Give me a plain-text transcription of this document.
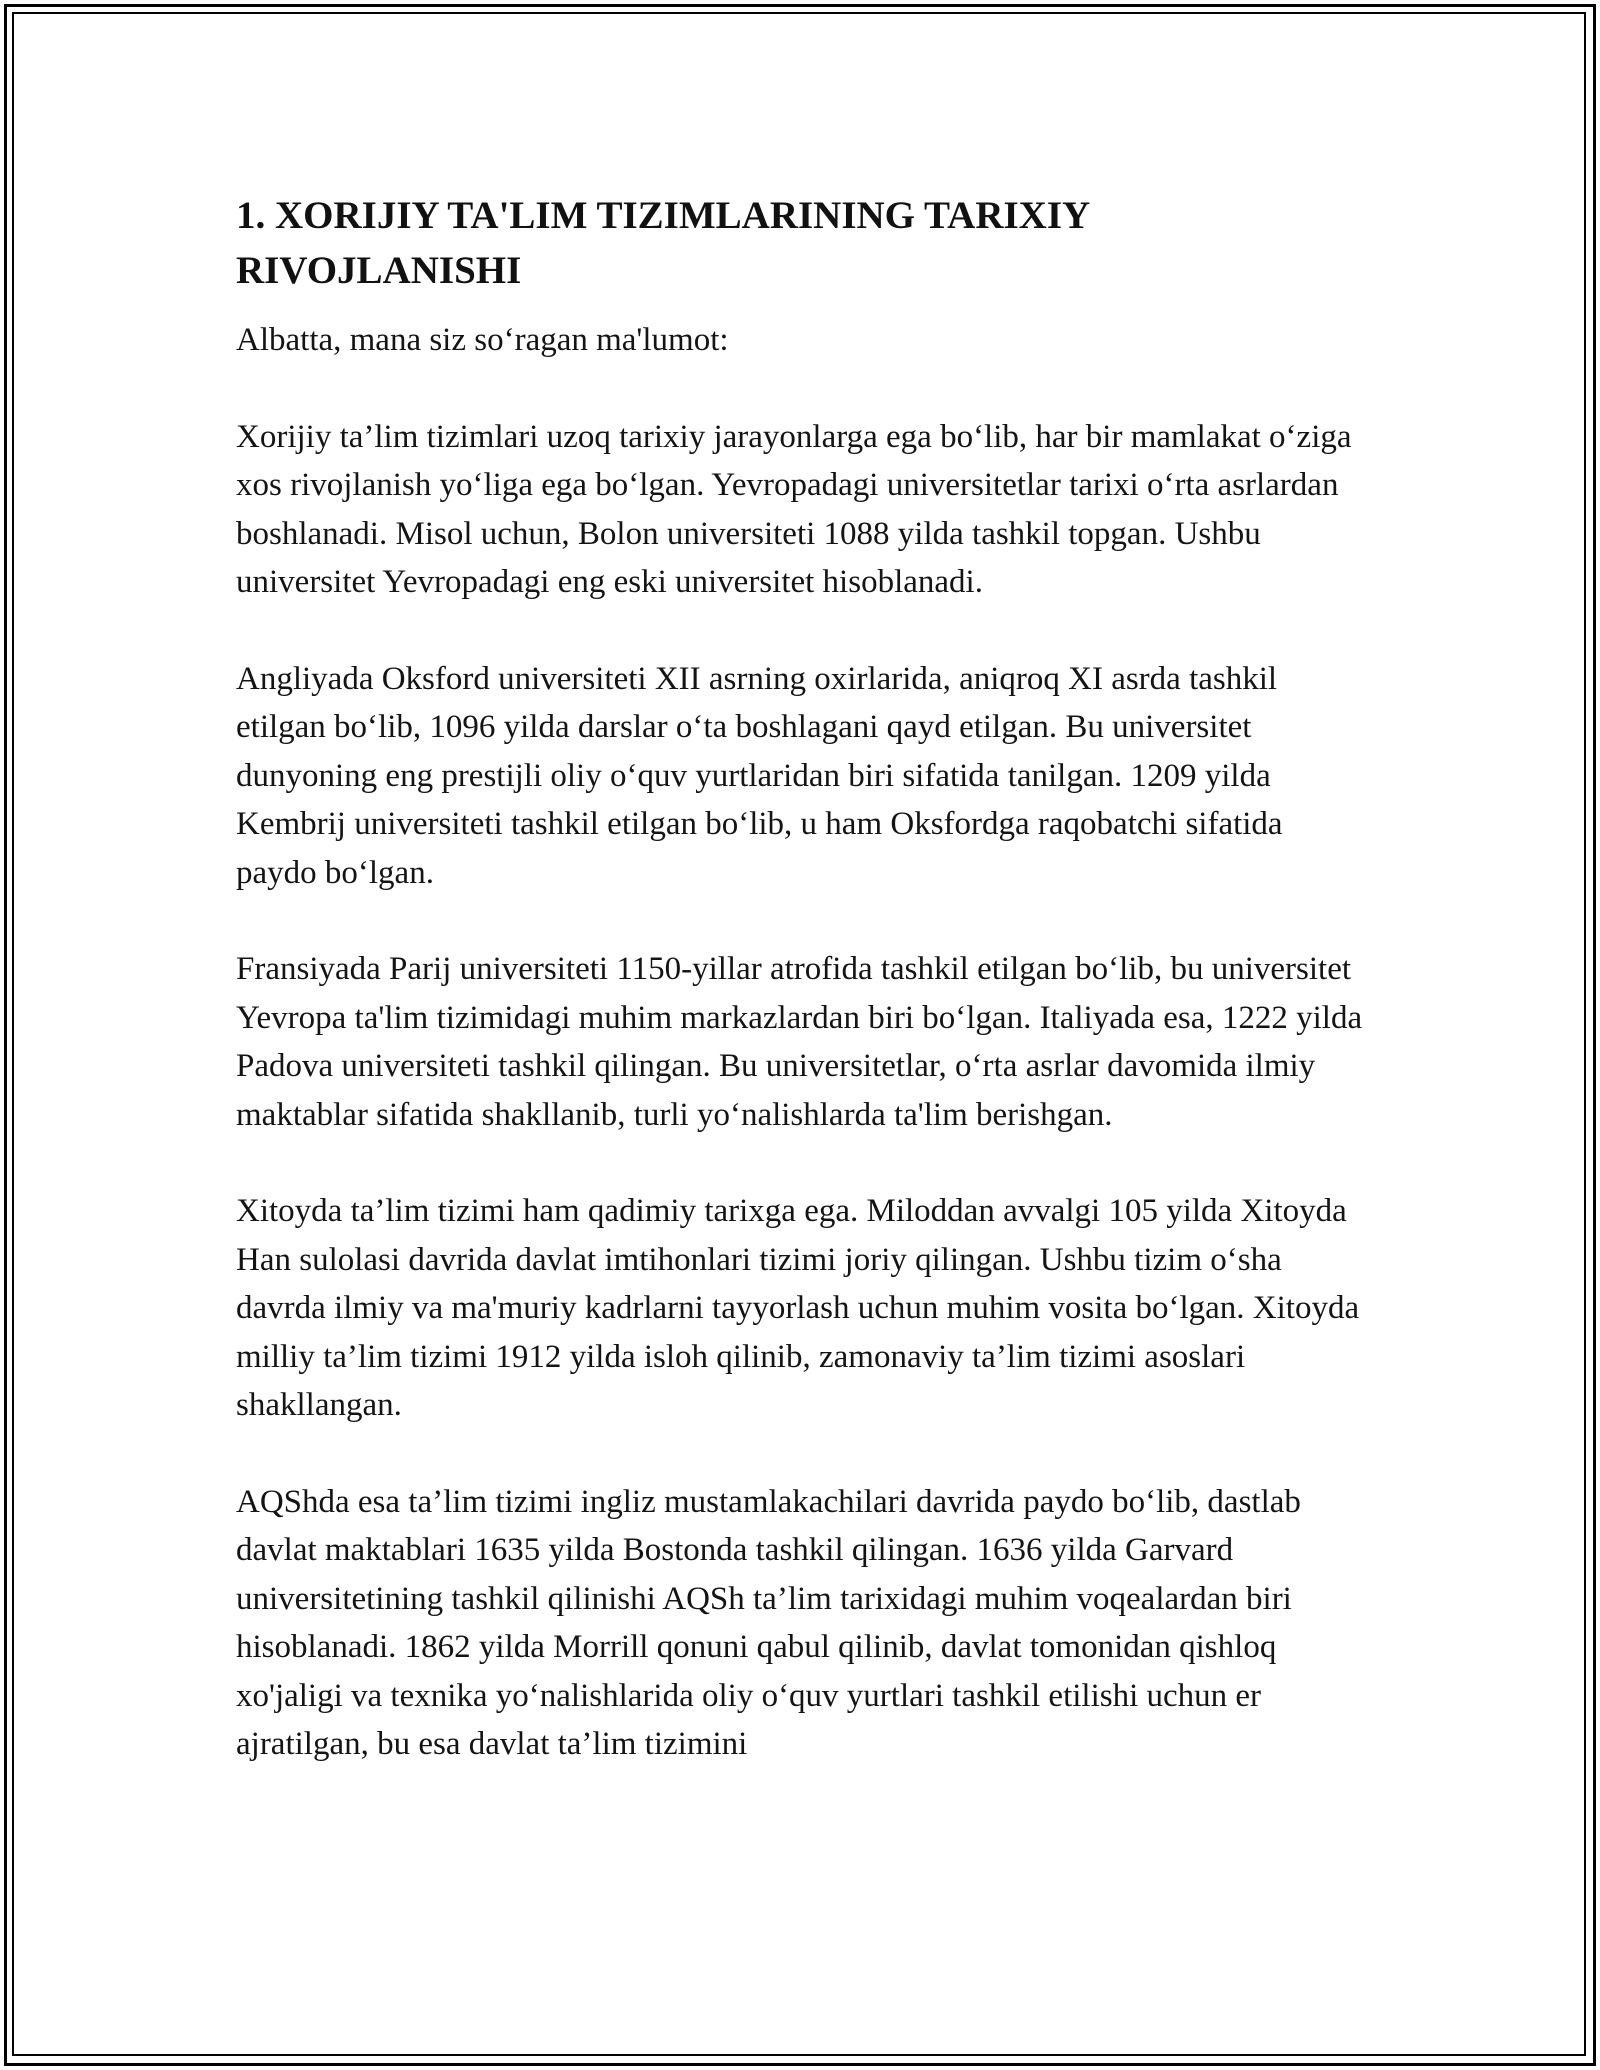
1. XORIJIY TA'LIM TIZIMLARINING TARIXIY RIVOJLANISHI

Albatta, mana siz so‘ragan ma'lumot:

Xorijiy ta’lim tizimlari uzoq tarixiy jarayonlarga ega bo‘lib, har bir mamlakat o‘ziga xos rivojlanish yo‘liga ega bo‘lgan. Yevropadagi universitetlar tarixi o‘rta asrlardan boshlanadi. Misol uchun, Bolon universiteti 1088 yilda tashkil topgan. Ushbu universitet Yevropadagi eng eski universitet hisoblanadi.

Angliyada Oksford universiteti XII asrning oxirlarida, aniqroq XI asrda tashkil etilgan bo‘lib, 1096 yilda darslar o‘ta boshlagani qayd etilgan. Bu universitet dunyoning eng prestijli oliy o‘quv yurtlaridan biri sifatida tanilgan. 1209 yilda Kembrij universiteti tashkil etilgan bo‘lib, u ham Oksfordga raqobatchi sifatida paydo bo‘lgan.

Fransiyada Parij universiteti 1150-yillar atrofida tashkil etilgan bo‘lib, bu universitet Yevropa ta'lim tizimidagi muhim markazlardan biri bo‘lgan. Italiyada esa, 1222 yilda Padova universiteti tashkil qilingan. Bu universitetlar, o‘rta asrlar davomida ilmiy maktablar sifatida shakllanib, turli yo‘nalishlarda ta'lim berishgan.

Xitoyda ta’lim tizimi ham qadimiy tarixga ega. Miloddan avvalgi 105 yilda Xitoyda Han sulolasi davrida davlat imtihonlari tizimi joriy qilingan. Ushbu tizim o‘sha davrda ilmiy va ma'muriy kadrlarni tayyorlash uchun muhim vosita bo‘lgan. Xitoyda milliy ta’lim tizimi 1912 yilda isloh qilinib, zamonaviy ta’lim tizimi asoslari shakllangan.

AQShda esa ta’lim tizimi ingliz mustamlakachilari davrida paydo bo‘lib, dastlab davlat maktablari 1635 yilda Bostonda tashkil qilingan. 1636 yilda Garvard universitetining tashkil qilinishi AQSh ta’lim tarixidagi muhim voqealardan biri hisoblanadi. 1862 yilda Morrill qonuni qabul qilinib, davlat tomonidan qishloq xo'jaligi va texnika yo‘nalishlarida oliy o‘quv yurtlari tashkil etilishi uchun er ajratilgan, bu esa davlat ta’lim tizimini
